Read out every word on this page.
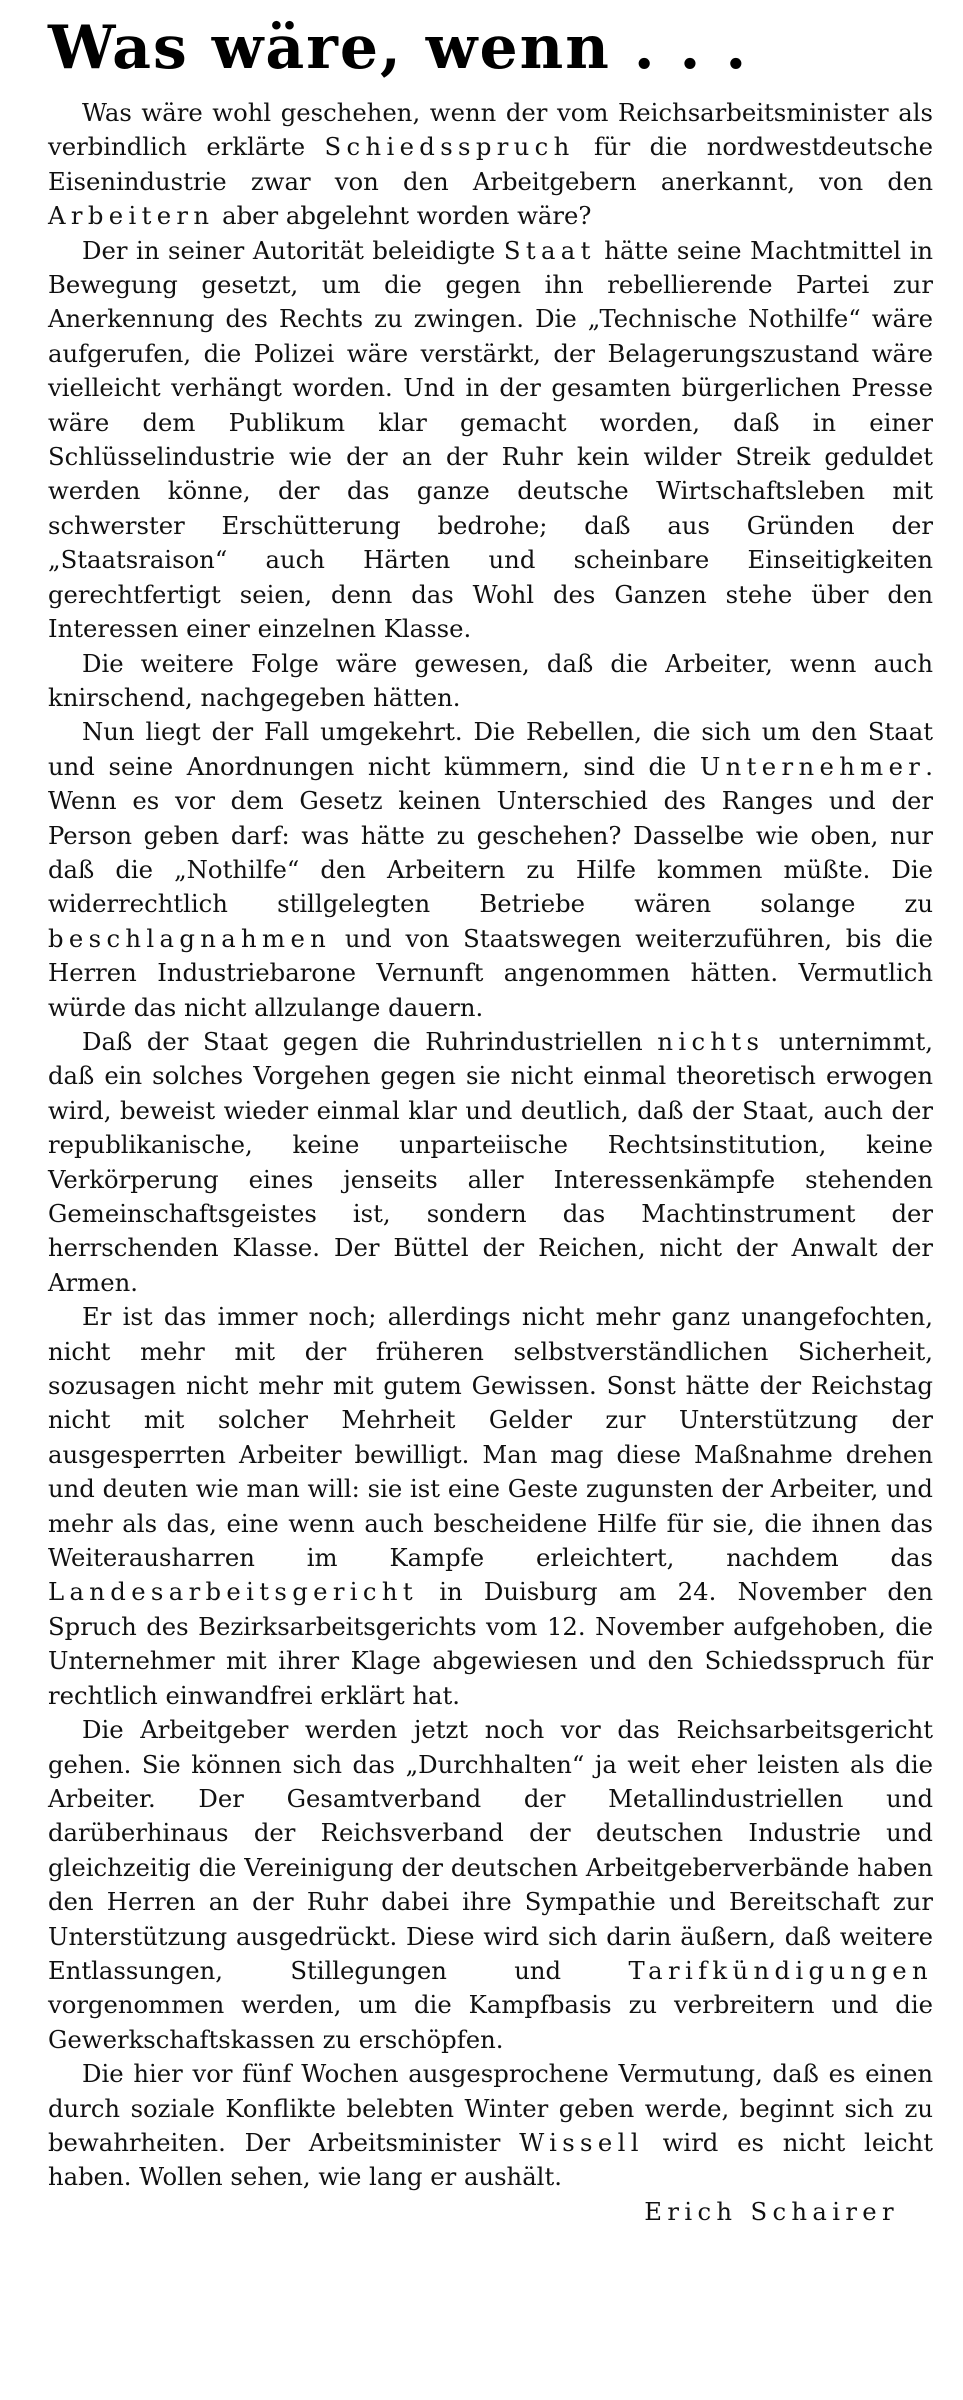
Was wäre, wenn . . .

Was wäre wohl geschehen, wenn der vom Reichsarbeitsminister als verbindlich erklärte Schiedsspruch für die nordwestdeutsche Eisenindustrie zwar von den Arbeitgebern anerkannt, von den Arbeitern aber abgelehnt worden wäre?

Der in seiner Autorität beleidigte Staat hätte seine Machtmittel in Bewegung gesetzt, um die gegen ihn rebellierende Partei zur Anerkennung des Rechts zu zwingen. Die „Technische Nothilfe“ wäre aufgerufen, die Polizei wäre verstärkt, der Belagerungszustand wäre vielleicht verhängt worden. Und in der gesamten bürgerlichen Presse wäre dem Publikum klar gemacht worden, daß in einer Schlüsselindustrie wie der an der Ruhr kein wilder Streik geduldet werden könne, der das ganze deutsche Wirtschaftsleben mit schwerster Erschütterung bedrohe; daß aus Gründen der „Staatsraison“ auch Härten und scheinbare Einseitigkeiten gerechtfertigt seien, denn das Wohl des Ganzen stehe über den Interessen einer einzelnen Klasse.

Die weitere Folge wäre gewesen, daß die Arbeiter, wenn auch knirschend, nachgegeben hätten.

Nun liegt der Fall umgekehrt. Die Rebellen, die sich um den Staat und seine Anordnungen nicht kümmern, sind die Unternehmer. Wenn es vor dem Gesetz keinen Unterschied des Ranges und der Person geben darf: was hätte zu geschehen? Dasselbe wie oben, nur daß die „Nothilfe“ den Arbeitern zu Hilfe kommen müßte. Die widerrechtlich stillgelegten Betriebe wären solange zu beschlagnahmen und von Staatswegen weiterzuführen, bis die Herren Industriebarone Vernunft angenommen hätten. Vermutlich würde das nicht allzulange dauern.

Daß der Staat gegen die Ruhrindustriellen nichts unternimmt, daß ein solches Vorgehen gegen sie nicht einmal theoretisch erwogen wird, beweist wieder einmal klar und deutlich, daß der Staat, auch der republikanische, keine unparteiische Rechtsinstitution, keine Verkörperung eines jenseits aller Interessenkämpfe stehenden Gemeinschaftsgeistes ist, sondern das Machtinstrument der herrschenden Klasse. Der Büttel der Reichen, nicht der Anwalt der Armen.

Er ist das immer noch; allerdings nicht mehr ganz unangefochten, nicht mehr mit der früheren selbstverständlichen Sicherheit, sozusagen nicht mehr mit gutem Gewissen. Sonst hätte der Reichstag nicht mit solcher Mehrheit Gelder zur Unterstützung der ausgesperrten Arbeiter bewilligt. Man mag diese Maßnahme drehen und deuten wie man will: sie ist eine Geste zugunsten der Arbeiter, und mehr als das, eine wenn auch bescheidene Hilfe für sie, die ihnen das Weiterausharren im Kampfe erleichtert, nachdem das Landesarbeitsgericht in Duisburg am 24. November den Spruch des Bezirksarbeitsgerichts vom 12. November aufgehoben, die Unternehmer mit ihrer Klage abgewiesen und den Schiedsspruch für rechtlich einwandfrei erklärt hat.

Die Arbeitgeber werden jetzt noch vor das Reichsarbeitsgericht gehen. Sie können sich das „Durchhalten“ ja weit eher leisten als die Arbeiter. Der Gesamtverband der Metallindustriellen und darüberhinaus der Reichsverband der deutschen Industrie und gleichzeitig die Vereinigung der deutschen Arbeitgeberverbände haben den Herren an der Ruhr dabei ihre Sympathie und Bereitschaft zur Unterstützung ausgedrückt. Diese wird sich darin äußern, daß weitere Entlassungen, Stillegungen und Tarifkündigungen vorgenommen werden, um die Kampfbasis zu verbreitern und die Gewerkschaftskassen zu erschöpfen.

Die hier vor fünf Wochen ausgesprochene Vermutung, daß es einen durch soziale Konflikte belebten Winter geben werde, beginnt sich zu bewahrheiten. Der Arbeitsminister Wissell wird es nicht leicht haben. Wollen sehen, wie lang er aushält.

Erich Schairer
